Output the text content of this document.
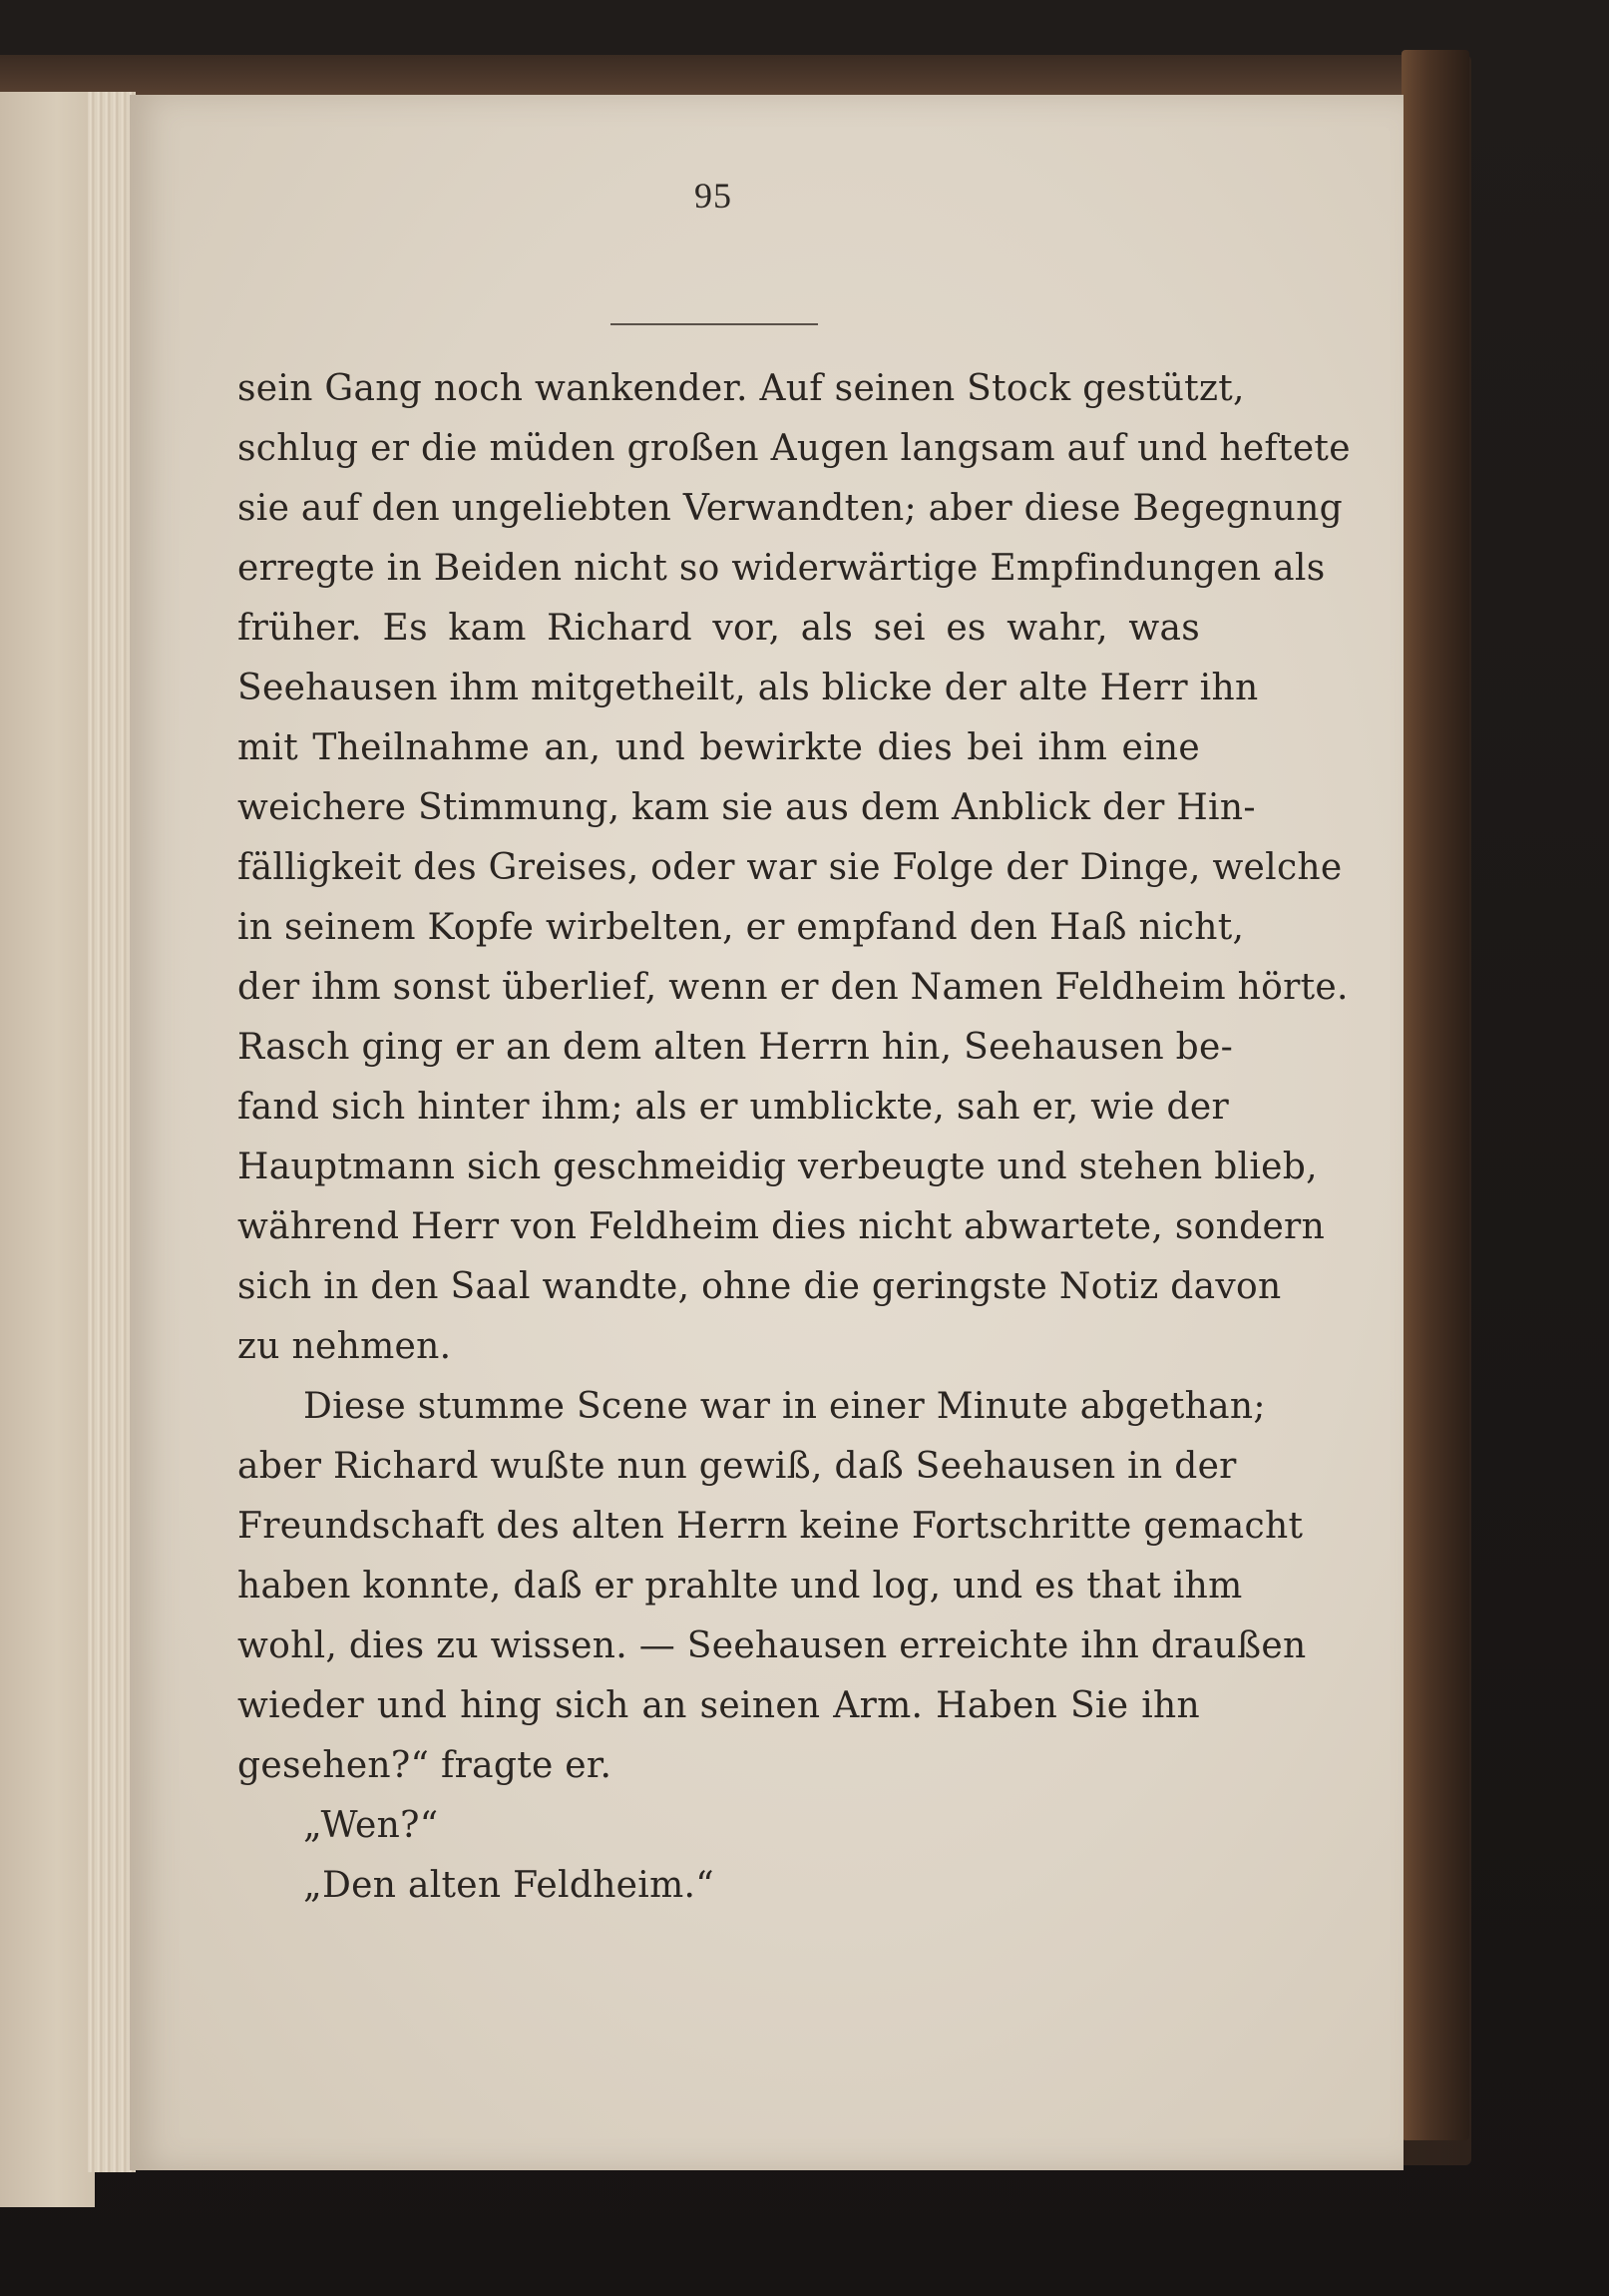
95
sein Gang noch wankender. Auf seinen Stock gestützt,
schlug er die müden großen Augen langsam auf und heftete
sie auf den ungeliebten Verwandten; aber diese Begegnung
erregte in Beiden nicht so widerwärtige Empfindungen als
früher. Es kam Richard vor, als sei es wahr, was
Seehausen ihm mitgetheilt, als blicke der alte Herr ihn
mit Theilnahme an, und bewirkte dies bei ihm eine
weichere Stimmung, kam sie aus dem Anblick der Hin-
fälligkeit des Greises, oder war sie Folge der Dinge, welche
in seinem Kopfe wirbelten, er empfand den Haß nicht,
der ihm sonst überlief, wenn er den Namen Feldheim hörte.
Rasch ging er an dem alten Herrn hin, Seehausen be-
fand sich hinter ihm; als er umblickte, sah er, wie der
Hauptmann sich geschmeidig verbeugte und stehen blieb,
während Herr von Feldheim dies nicht abwartete, sondern
sich in den Saal wandte, ohne die geringste Notiz davon
zu nehmen.
Diese stumme Scene war in einer Minute abgethan;
aber Richard wußte nun gewiß, daß Seehausen in der
Freundschaft des alten Herrn keine Fortschritte gemacht
haben konnte, daß er prahlte und log, und es that ihm
wohl, dies zu wissen. — Seehausen erreichte ihn draußen
wieder und hing sich an seinen Arm. Haben Sie ihn
gesehen?“ fragte er.
„Wen?“
„Den alten Feldheim.“
